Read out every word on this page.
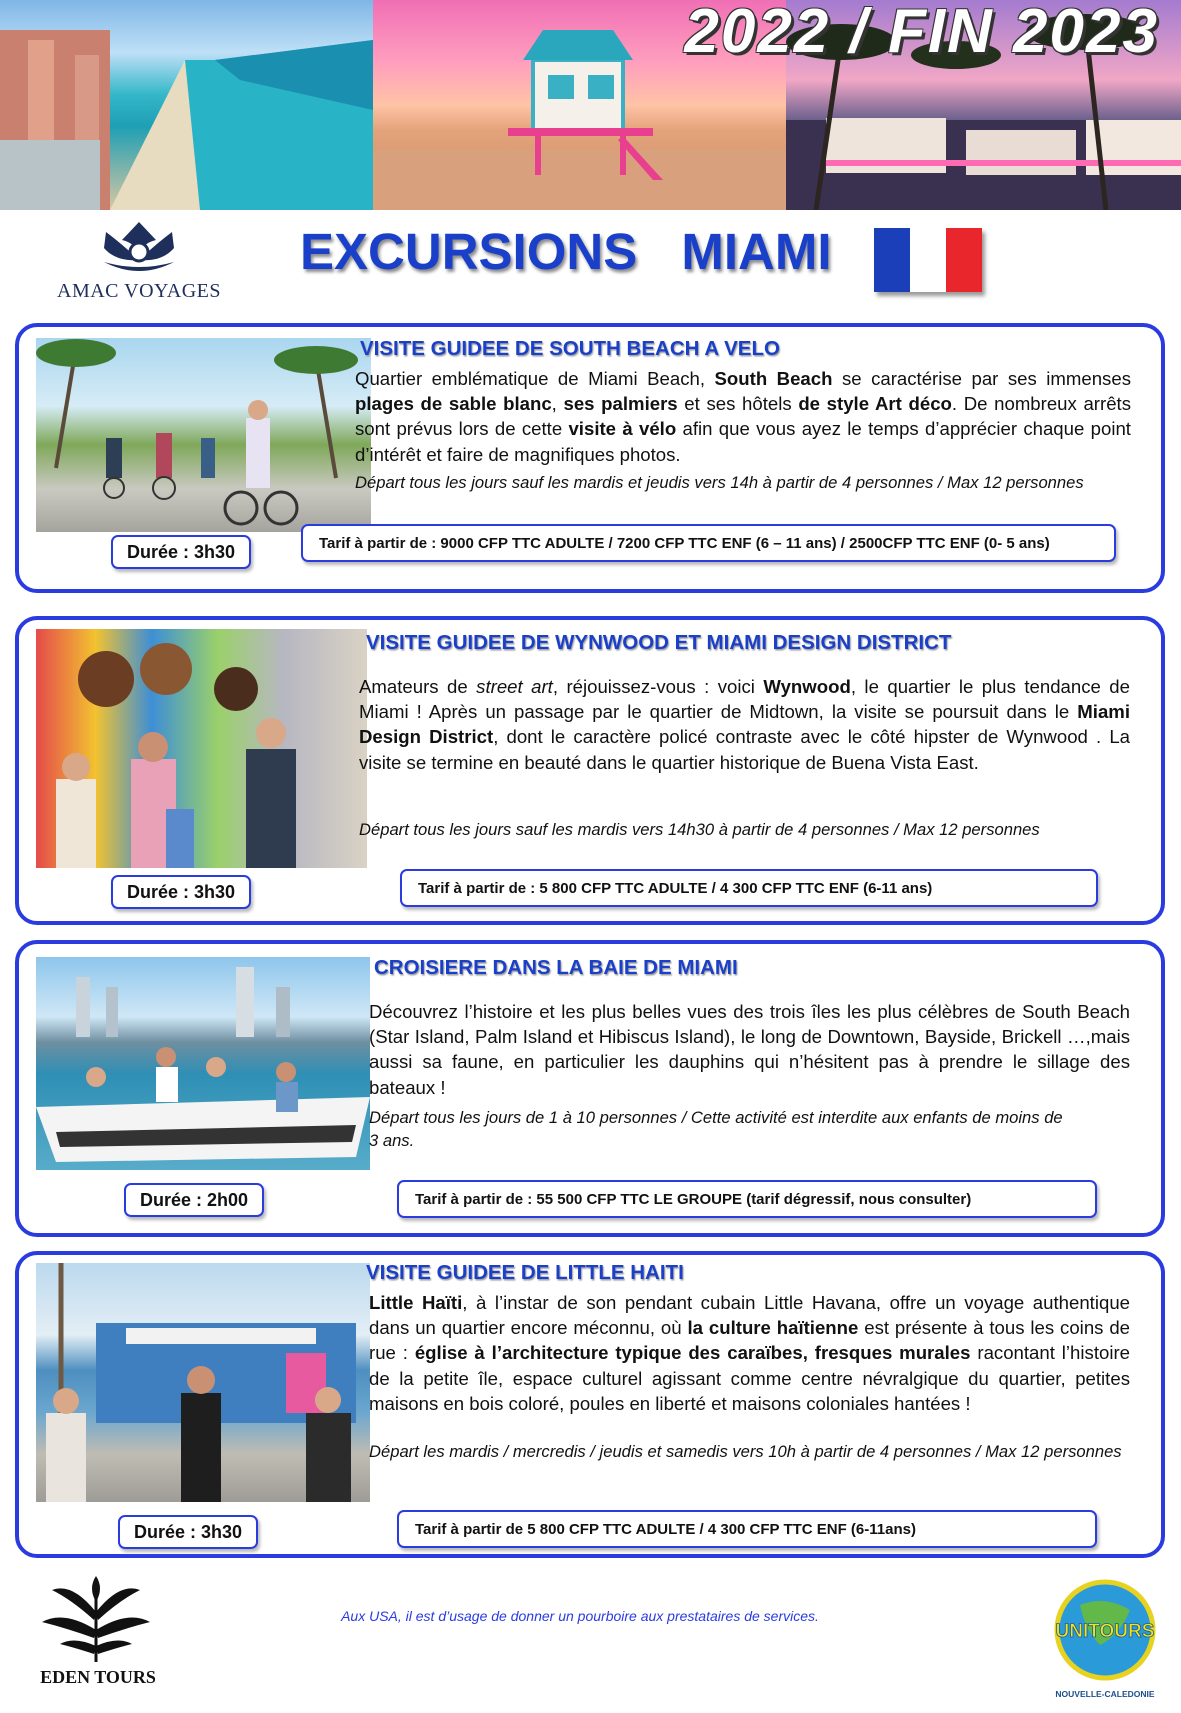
2022 / FIN 2023
AMAC VOYAGES
EXCURSIONS MIAMI
VISITE GUIDEE DE SOUTH BEACH A VELO

Quartier emblématique de Miami Beach, South Beach se caractérise par ses immenses plages de sable blanc, ses palmiers et ses hôtels de style Art déco. De nombreux arrêts sont prévus lors de cette visite à vélo afin que vous ayez le temps d’apprécier chaque point d’intérêt et faire de magnifiques photos.

Départ tous les jours sauf les mardis et jeudis vers 14h à partir de 4 personnes / Max 12 personnes

Durée : 3h30	Tarif à partir de : 9000 CFP TTC ADULTE / 7200 CFP TTC ENF (6 – 11 ans) / 2500CFP TTC ENF (0- 5 ans)
VISITE GUIDEE DE WYNWOOD ET MIAMI DESIGN DISTRICT

Amateurs de street art, réjouissez-vous : voici Wynwood, le quartier le plus tendance de Miami ! Après un passage par le quartier de Midtown, la visite se poursuit dans le Miami Design District, dont le caractère policé contraste avec le côté hipster de Wynwood . La visite se termine en beauté dans le quartier historique de Buena Vista East.

Départ tous les jours sauf les mardis vers 14h30 à partir de 4 personnes / Max 12 personnes

Durée : 3h30	Tarif à partir de : 5 800 CFP TTC ADULTE / 4 300 CFP TTC ENF (6-11 ans)
CROISIERE DANS LA BAIE DE MIAMI

Découvrez l’histoire et les plus belles vues des trois îles les plus célèbres de South Beach (Star Island, Palm Island et Hibiscus Island), le long de Downtown, Bayside, Brickell …,mais aussi sa faune, en particulier les dauphins qui n’hésitent pas à prendre le sillage des bateaux !

Départ tous les jours de 1 à 10 personnes / Cette activité est interdite aux enfants de moins de 3 ans.

Durée : 2h00	Tarif à partir de : 55 500 CFP TTC LE GROUPE (tarif dégressif, nous consulter)
VISITE GUIDEE DE LITTLE HAITI

Little Haïti, à l’instar de son pendant cubain Little Havana, offre un voyage authentique dans un quartier encore méconnu, où la culture haïtienne est présente à tous les coins de rue : église à l’architecture typique des caraïbes, fresques murales racontant l’histoire de la petite île, espace culturel agissant comme centre névralgique du quartier, petites maisons en bois coloré, poules en liberté et maisons coloniales hantées !

Départ les mardis / mercredis / jeudis et samedis vers 10h à partir de 4 personnes / Max 12 personnes

Durée : 3h30	Tarif à partir de 5 800 CFP TTC ADULTE / 4 300 CFP TTC ENF (6-11ans)
EDEN TOURS
Aux USA, il est d’usage de donner un pourboire aux prestataires de services.
UNITOURS
NOUVELLE-CALEDONIE
